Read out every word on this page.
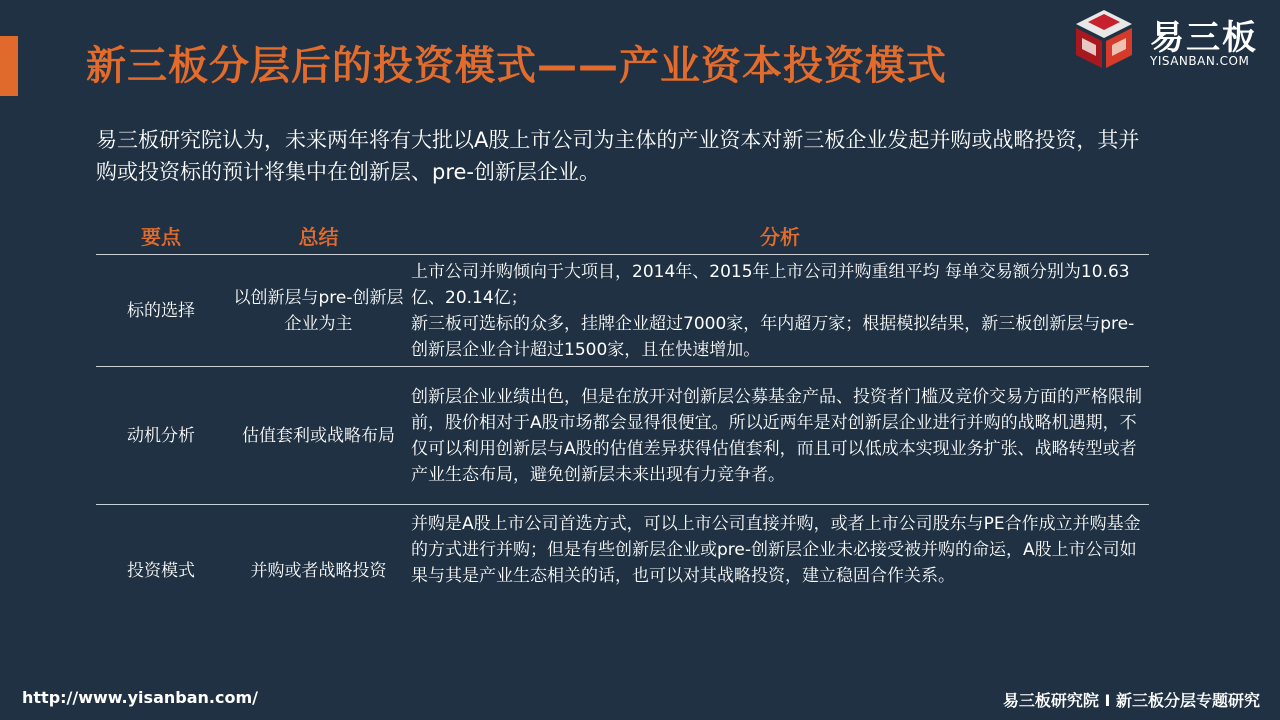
新三板分层后的投资模式——产业资本投资模式
易三板
YISANBAN.COM
易三板研究院认为，未来两年将有大批以A股上市公司为主体的产业资本对新三板企业发起并购或战略投资，其并购或投资标的预计将集中在创新层、pre-创新层企业。
要点	总结	分析
标的选择	以创新层与pre-创新层企业为主	上市公司并购倾向于大项目，2014年、2015年上市公司并购重组平均 每单交易额分别为10.63亿、20.14亿；
新三板可选标的众多，挂牌企业超过7000家，年内超万家；根据模拟结果，新三板创新层与pre-创新层企业合计超过1500家，且在快速增加。

动机分析	估值套利或战略布局	创新层企业业绩出色，但是在放开对创新层公募基金产品、投资者门槛及竞价交易方面的严格限制前，股价相对于A股市场都会显得很便宜。所以近两年是对创新层企业进行并购的战略机遇期，不仅可以利用创新层与A股的估值差异获得估值套利，而且可以低成本实现业务扩张、战略转型或者产业生态布局，避免创新层未来出现有力竞争者。

投资模式	并购或者战略投资	并购是A股上市公司首选方式，可以上市公司直接并购，或者上市公司股东与PE合作成立并购基金的方式进行并购；但是有些创新层企业或pre-创新层企业未必接受被并购的命运，A股上市公司如果与其是产业生态相关的话，也可以对其战略投资，建立稳固合作关系。
http://www.yisanban.com/	易三板研究院 I 新三板分层专题研究
